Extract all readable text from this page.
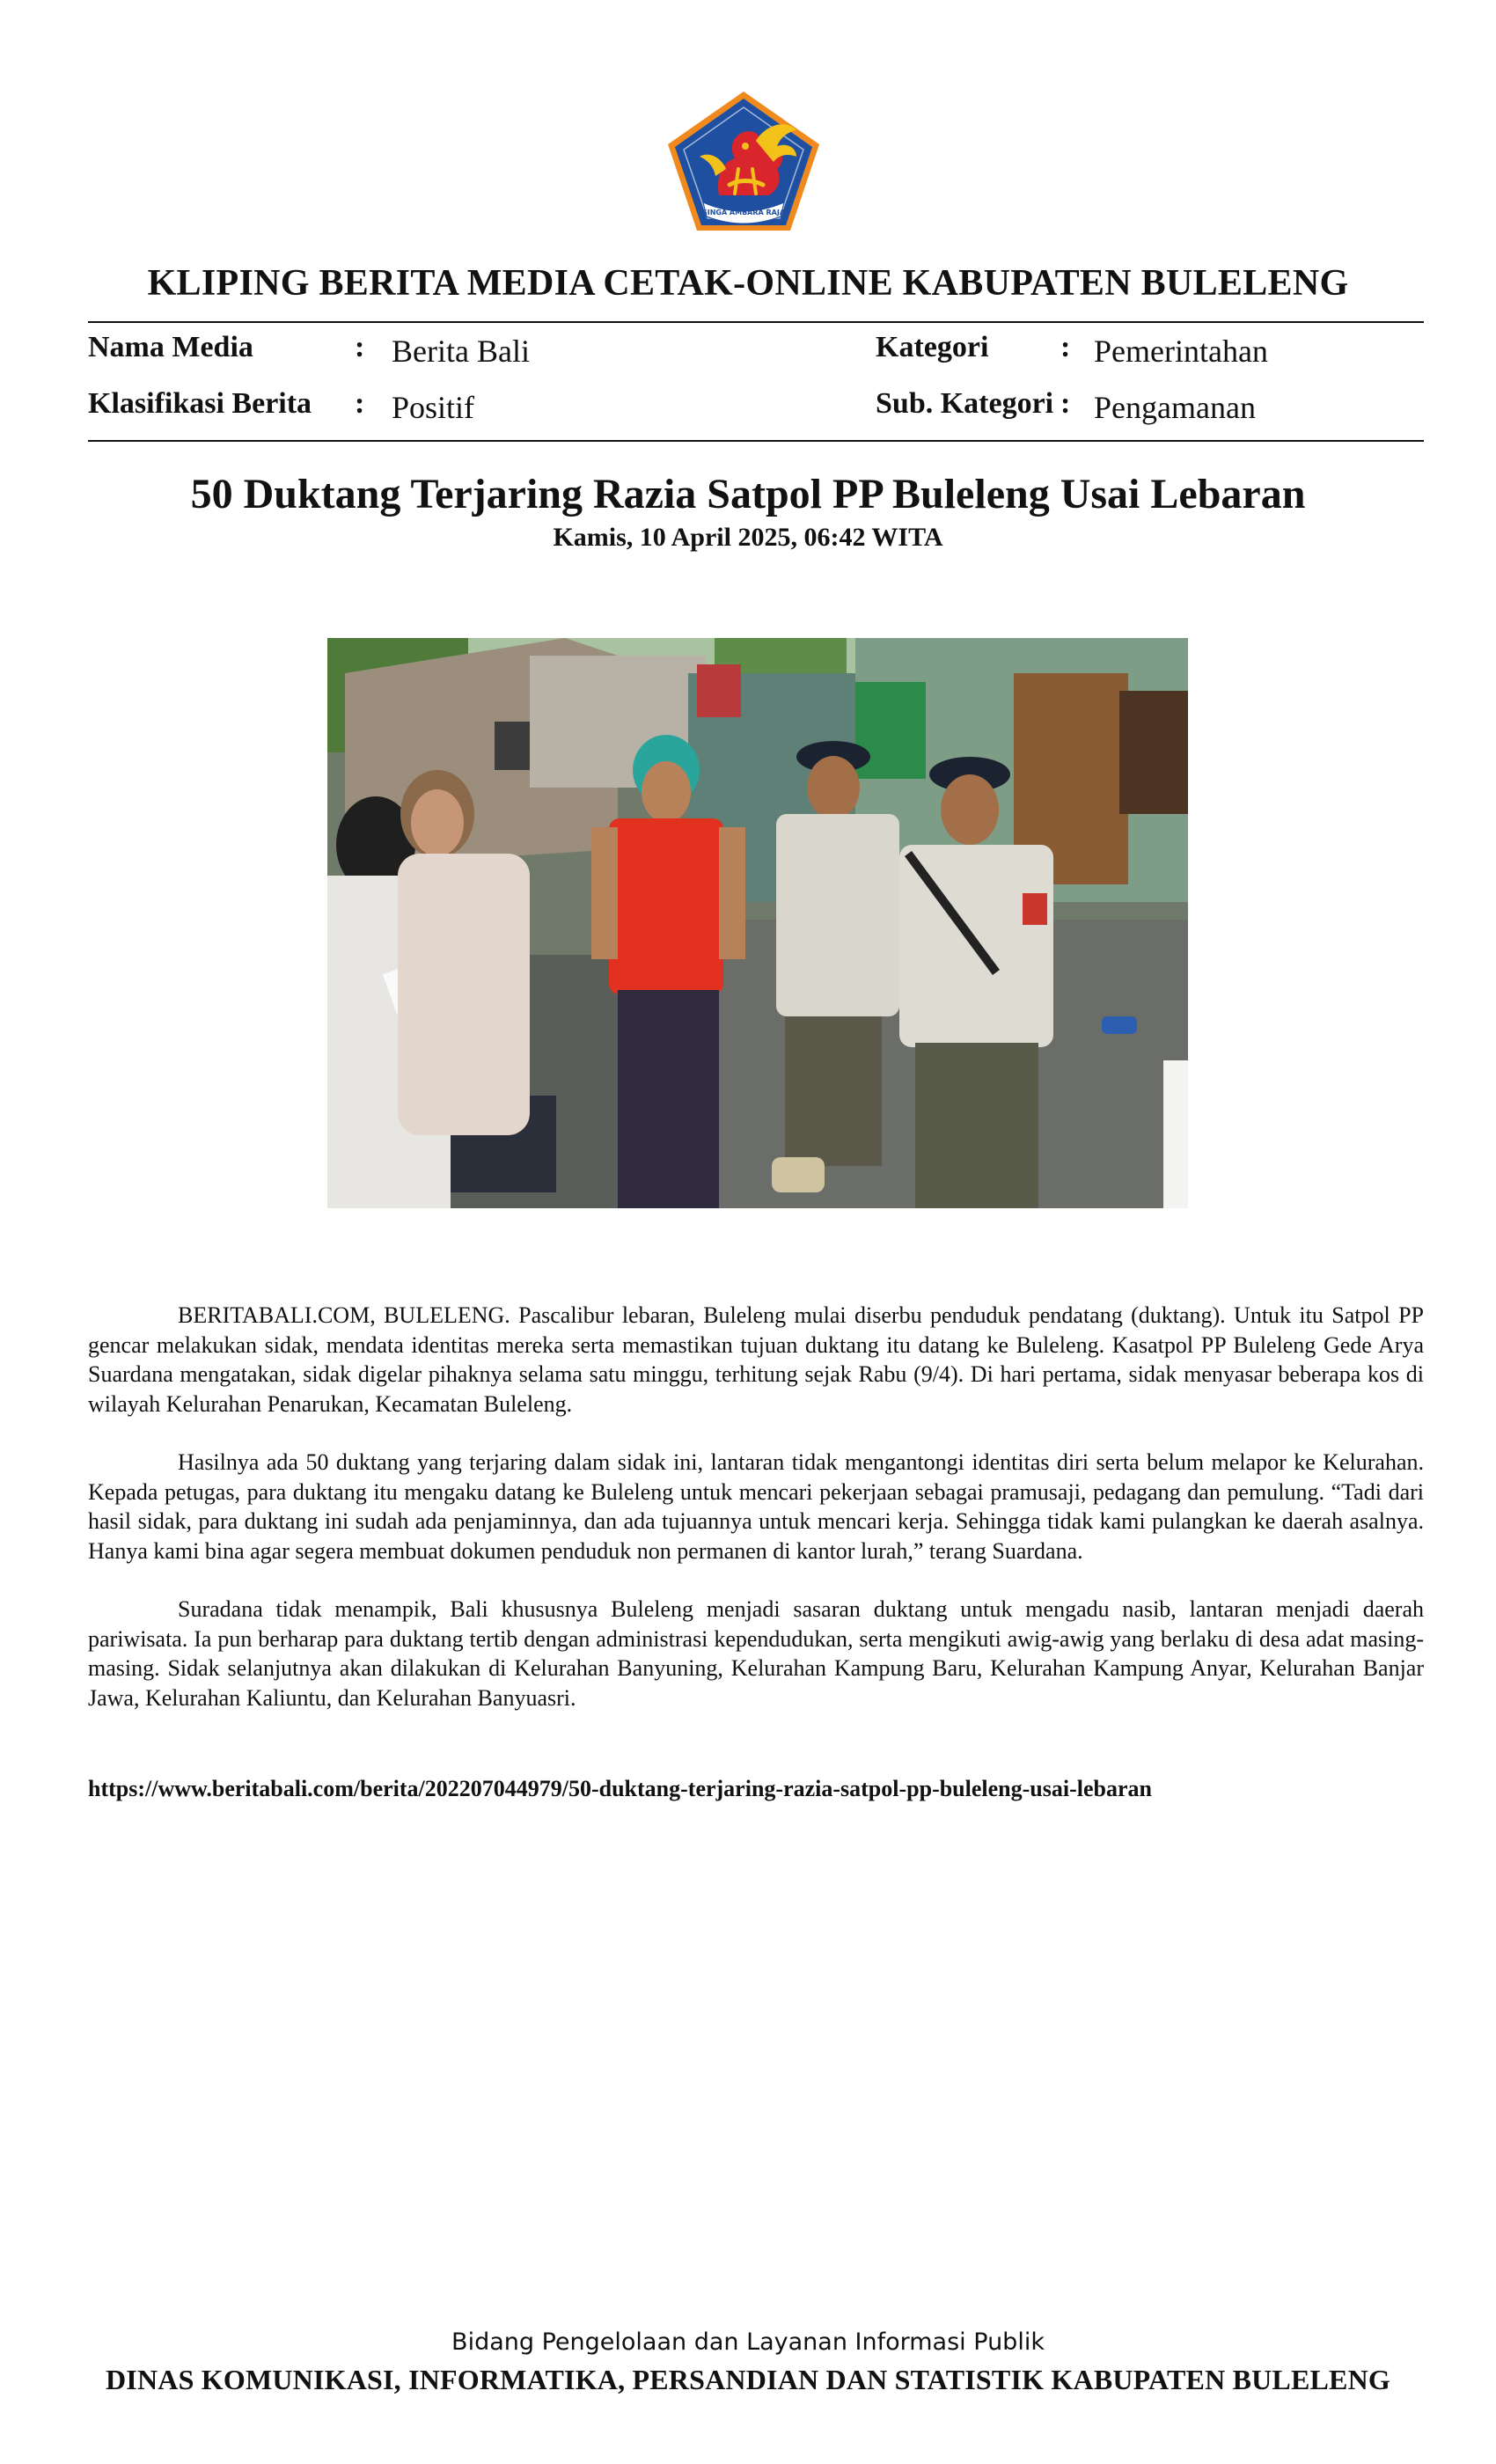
SINGA AMBARA RAJA
KLIPING BERITA MEDIA CETAK-ONLINE KABUPATEN BULELENG
Nama Media	: Berita Bali	Kategori : Pemerintahan
Klasifikasi Berita : Positif	Sub. Kategori : Pengamanan
50 Duktang Terjaring Razia Satpol PP Buleleng Usai Lebaran
Kamis, 10 April 2025, 06:42 WITA

BERITABALI.COM, BULELENG. Pascalibur lebaran, Buleleng mulai diserbu penduduk pendatang (duktang). Untuk itu Satpol PP gencar melakukan sidak, mendata identitas mereka serta memastikan tujuan duktang itu datang ke Buleleng. Kasatpol PP Buleleng Gede Arya Suardana mengatakan, sidak digelar pihaknya selama satu minggu, terhitung sejak Rabu (9/4). Di hari pertama, sidak menyasar beberapa kos di wilayah Kelurahan Penarukan, Kecamatan Buleleng.

Hasilnya ada 50 duktang yang terjaring dalam sidak ini, lantaran tidak mengantongi identitas diri serta belum melapor ke Kelurahan. Kepada petugas, para duktang itu mengaku datang ke Buleleng untuk mencari pekerjaan sebagai pramusaji, pedagang dan pemulung. “Tadi dari hasil sidak, para duktang ini sudah ada penjaminnya, dan ada tujuannya untuk mencari kerja. Sehingga tidak kami pulangkan ke daerah asalnya. Hanya kami bina agar segera membuat dokumen penduduk non permanen di kantor lurah,” terang Suardana.

Suradana tidak menampik, Bali khususnya Buleleng menjadi sasaran duktang untuk mengadu nasib, lantaran menjadi daerah pariwisata. Ia pun berharap para duktang tertib dengan administrasi kependudukan, serta mengikuti awig-awig yang berlaku di desa adat masing-masing. Sidak selanjutnya akan dilakukan di Kelurahan Banyuning, Kelurahan Kampung Baru, Kelurahan Kampung Anyar, Kelurahan Banjar Jawa, Kelurahan Kaliuntu, dan Kelurahan Banyuasri.

https://www.beritabali.com/berita/202207044979/50-duktang-terjaring-razia-satpol-pp-buleleng-usai-lebaran
Bidang Pengelolaan dan Layanan Informasi Publik
DINAS KOMUNIKASI, INFORMATIKA, PERSANDIAN DAN STATISTIK KABUPATEN BULELENG
